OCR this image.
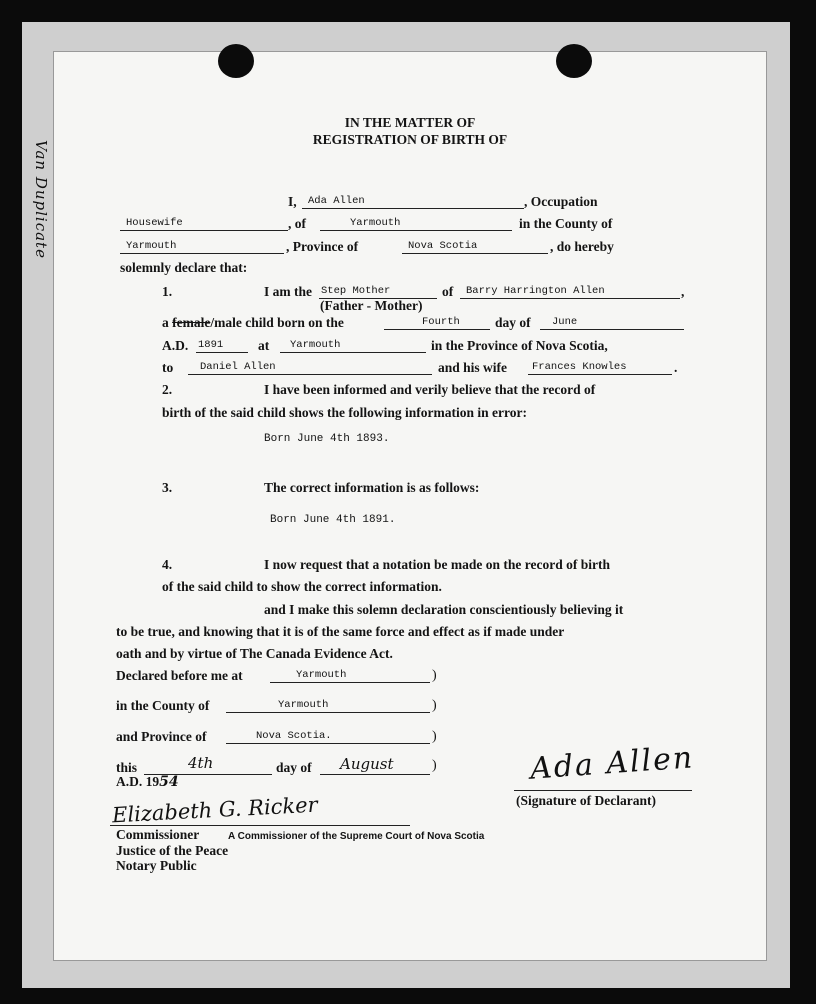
Van Duplicate
IN THE MATTER OF
REGISTRATION OF BIRTH OF
I, Ada Allen	, Occupation
Housewife	, of	Yarmouth	in the County of
Yarmouth	, Province of	Nova Scotia	, do hereby
solemnly declare that:
1.	I am the Step Mother	of Barry Harrington Allen	,
(Father - Mother)
a female/male child born on the	Fourth	day of June
A.D. 1891	at Yarmouth	in the Province of Nova Scotia,
to	Daniel Allen	and his wife Frances Knowles	.
2.	I have been informed and verily believe that the record of
birth of the said child shows the following information in error:
Born June 4th 1893.
3.	The correct information is as follows:
Born June 4th 1891.
4.	I now request that a notation be made on the record of birth
of the said child to show the correct information.
and I make this solemn declaration conscientiously believing it
to be true, and knowing that it is of the same force and effect as if made under
oath and by virtue of The Canada Evidence Act.
Declared before me at	Yarmouth	)
in the County of	Yarmouth	)
and Province of	Nova Scotia.	)
this	4th	day of August	)
A.D. 1954	Ada Allen
(Signature of Declarant)
Elizabeth G. Ricker
Commissioner	A Commissioner of the Supreme Court of Nova Scotia
Justice of the Peace
Notary Public
